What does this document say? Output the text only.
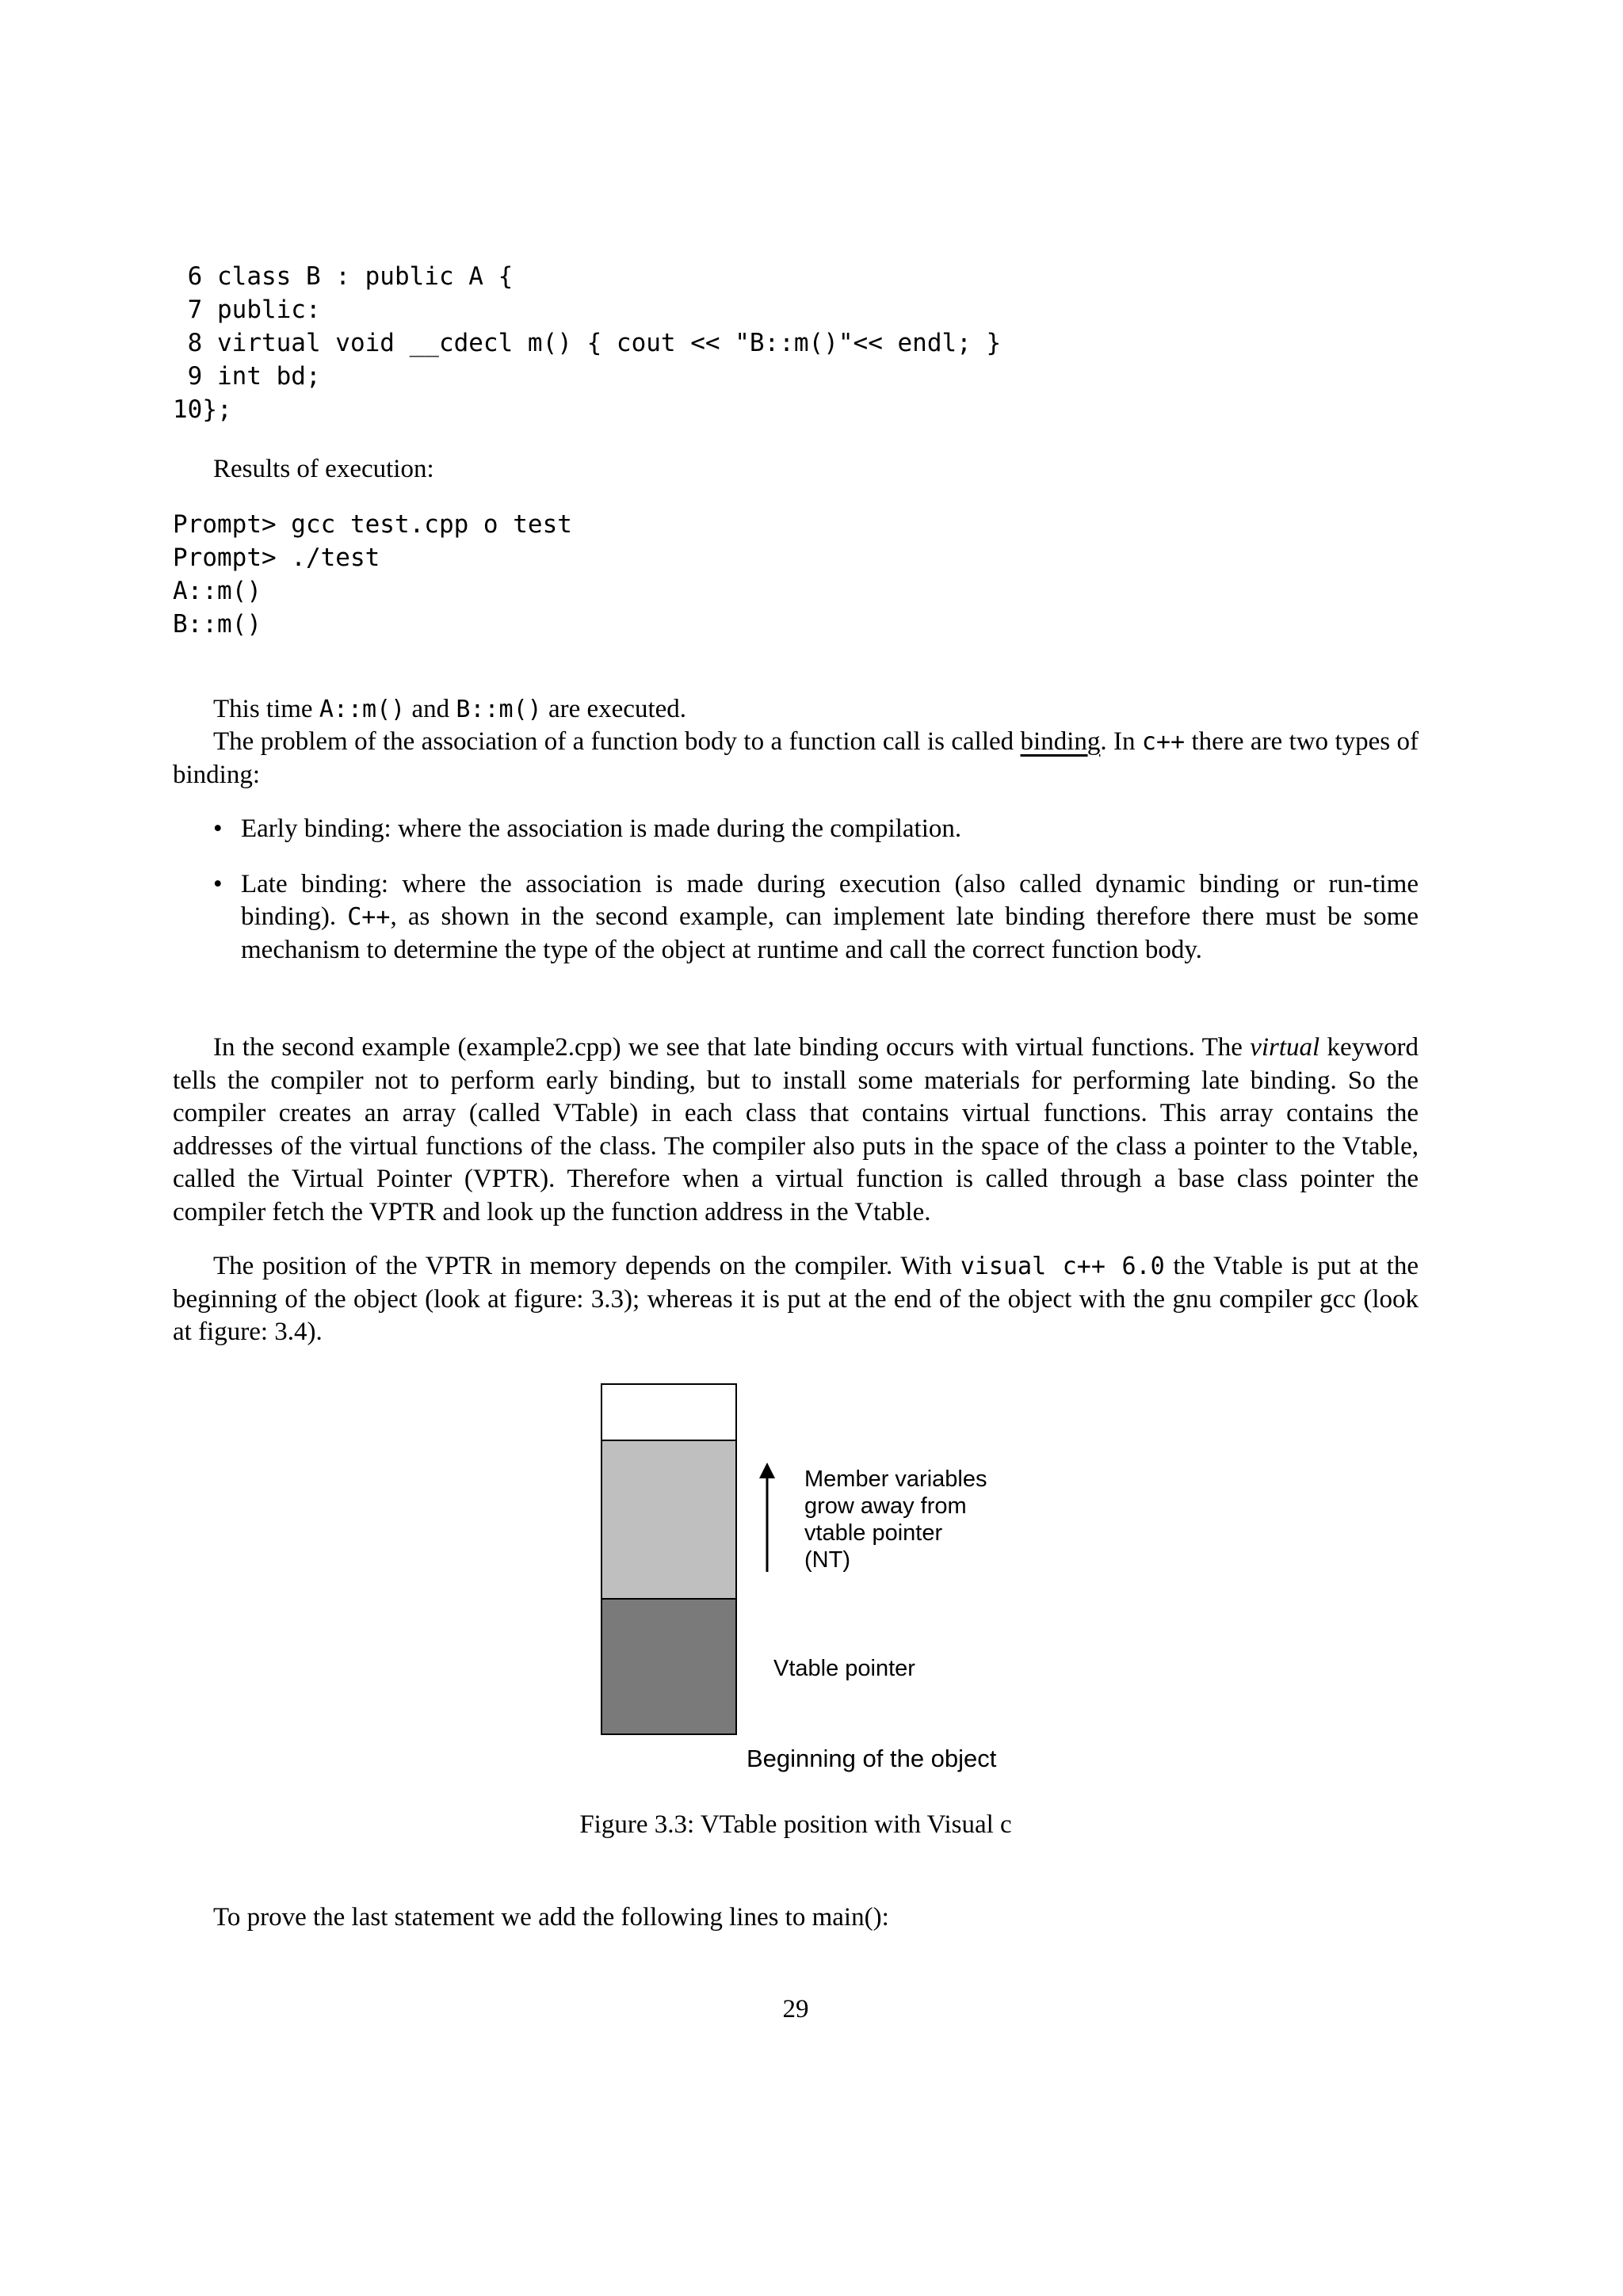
6 class B : public A {
7 public:
8 virtual void __cdecl m() { cout << "B::m()"<< endl; }
9 int bd;
10};

Results of execution:

Prompt> gcc test.cpp o test
Prompt> ./test
A::m()
B::m()

This time A::m() and B::m() are executed.

The problem of the association of a function body to a function call is called binding. In c++ there are two types of binding:

• Early binding: where the association is made during the compilation.
• Late binding: where the association is made during execution (also called dynamic binding or run-time binding). C++, as shown in the second example, can implement late binding therefore there must be some mechanism to determine the type of the object at runtime and call the correct function body.

In the second example (example2.cpp) we see that late binding occurs with virtual functions. The virtual keyword tells the compiler not to perform early binding, but to install some materials for performing late binding. So the compiler creates an array (called VTable) in each class that contains virtual functions. This array contains the addresses of the virtual functions of the class. The compiler also puts in the space of the class a pointer to the Vtable, called the Virtual Pointer (VPTR). Therefore when a virtual function is called through a base class pointer the compiler fetch the VPTR and look up the function address in the Vtable.

The position of the VPTR in memory depends on the compiler. With visual c++ 6.0 the Vtable is put at the beginning of the object (look at figure: 3.3); whereas it is put at the end of the object with the gnu compiler gcc (look at figure: 3.4).

Member variables
grow away from
vtable pointer
(NT)
Vtable pointer
Beginning of the object
Figure 3.3: VTable position with Visual c

To prove the last statement we add the following lines to main():

29
